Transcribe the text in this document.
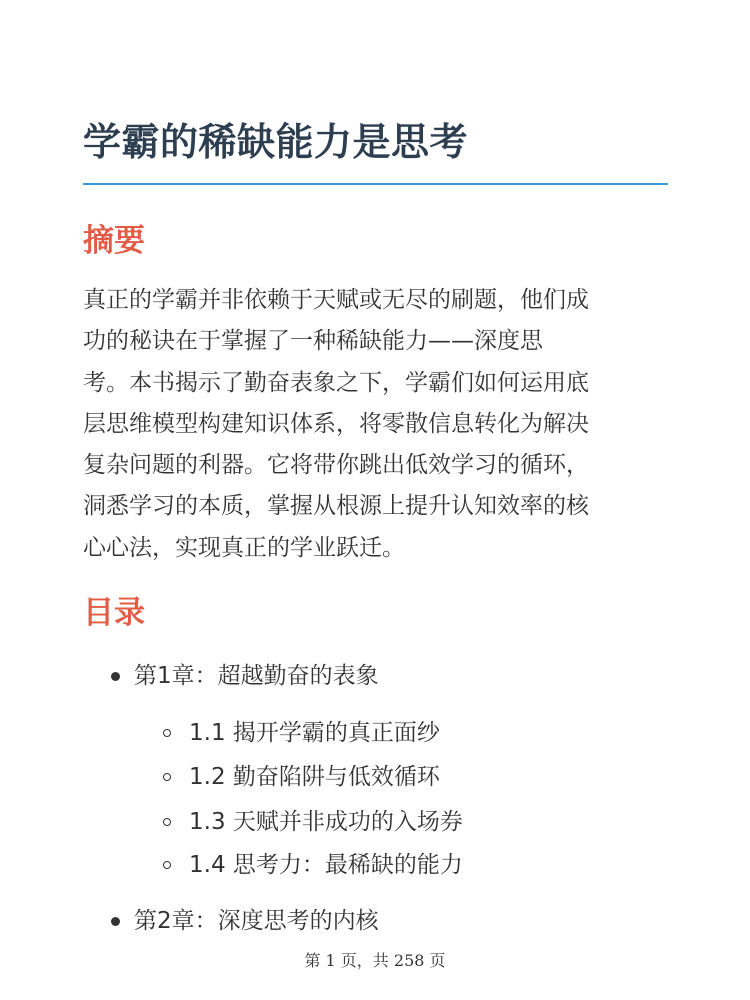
学霸的稀缺能力是思考
摘要

真正的学霸并非依赖于天赋或无尽的刷题，他们成
功的秘诀在于掌握了一种稀缺能力——深度思
考。本书揭示了勤奋表象之下，学霸们如何运用底
层思维模型构建知识体系，将零散信息转化为解决
复杂问题的利器。它将带你跳出低效学习的循环，
洞悉学习的本质，掌握从根源上提升认知效率的核
心心法，实现真正的学业跃迁。

目录
第1章：超越勤奋的表象
1.1 揭开学霸的真正面纱
1.2 勤奋陷阱与低效循环
1.3 天赋并非成功的入场券
1.4 思考力：最稀缺的能力
第2章：深度思考的内核
第 1 页，共 258 页
